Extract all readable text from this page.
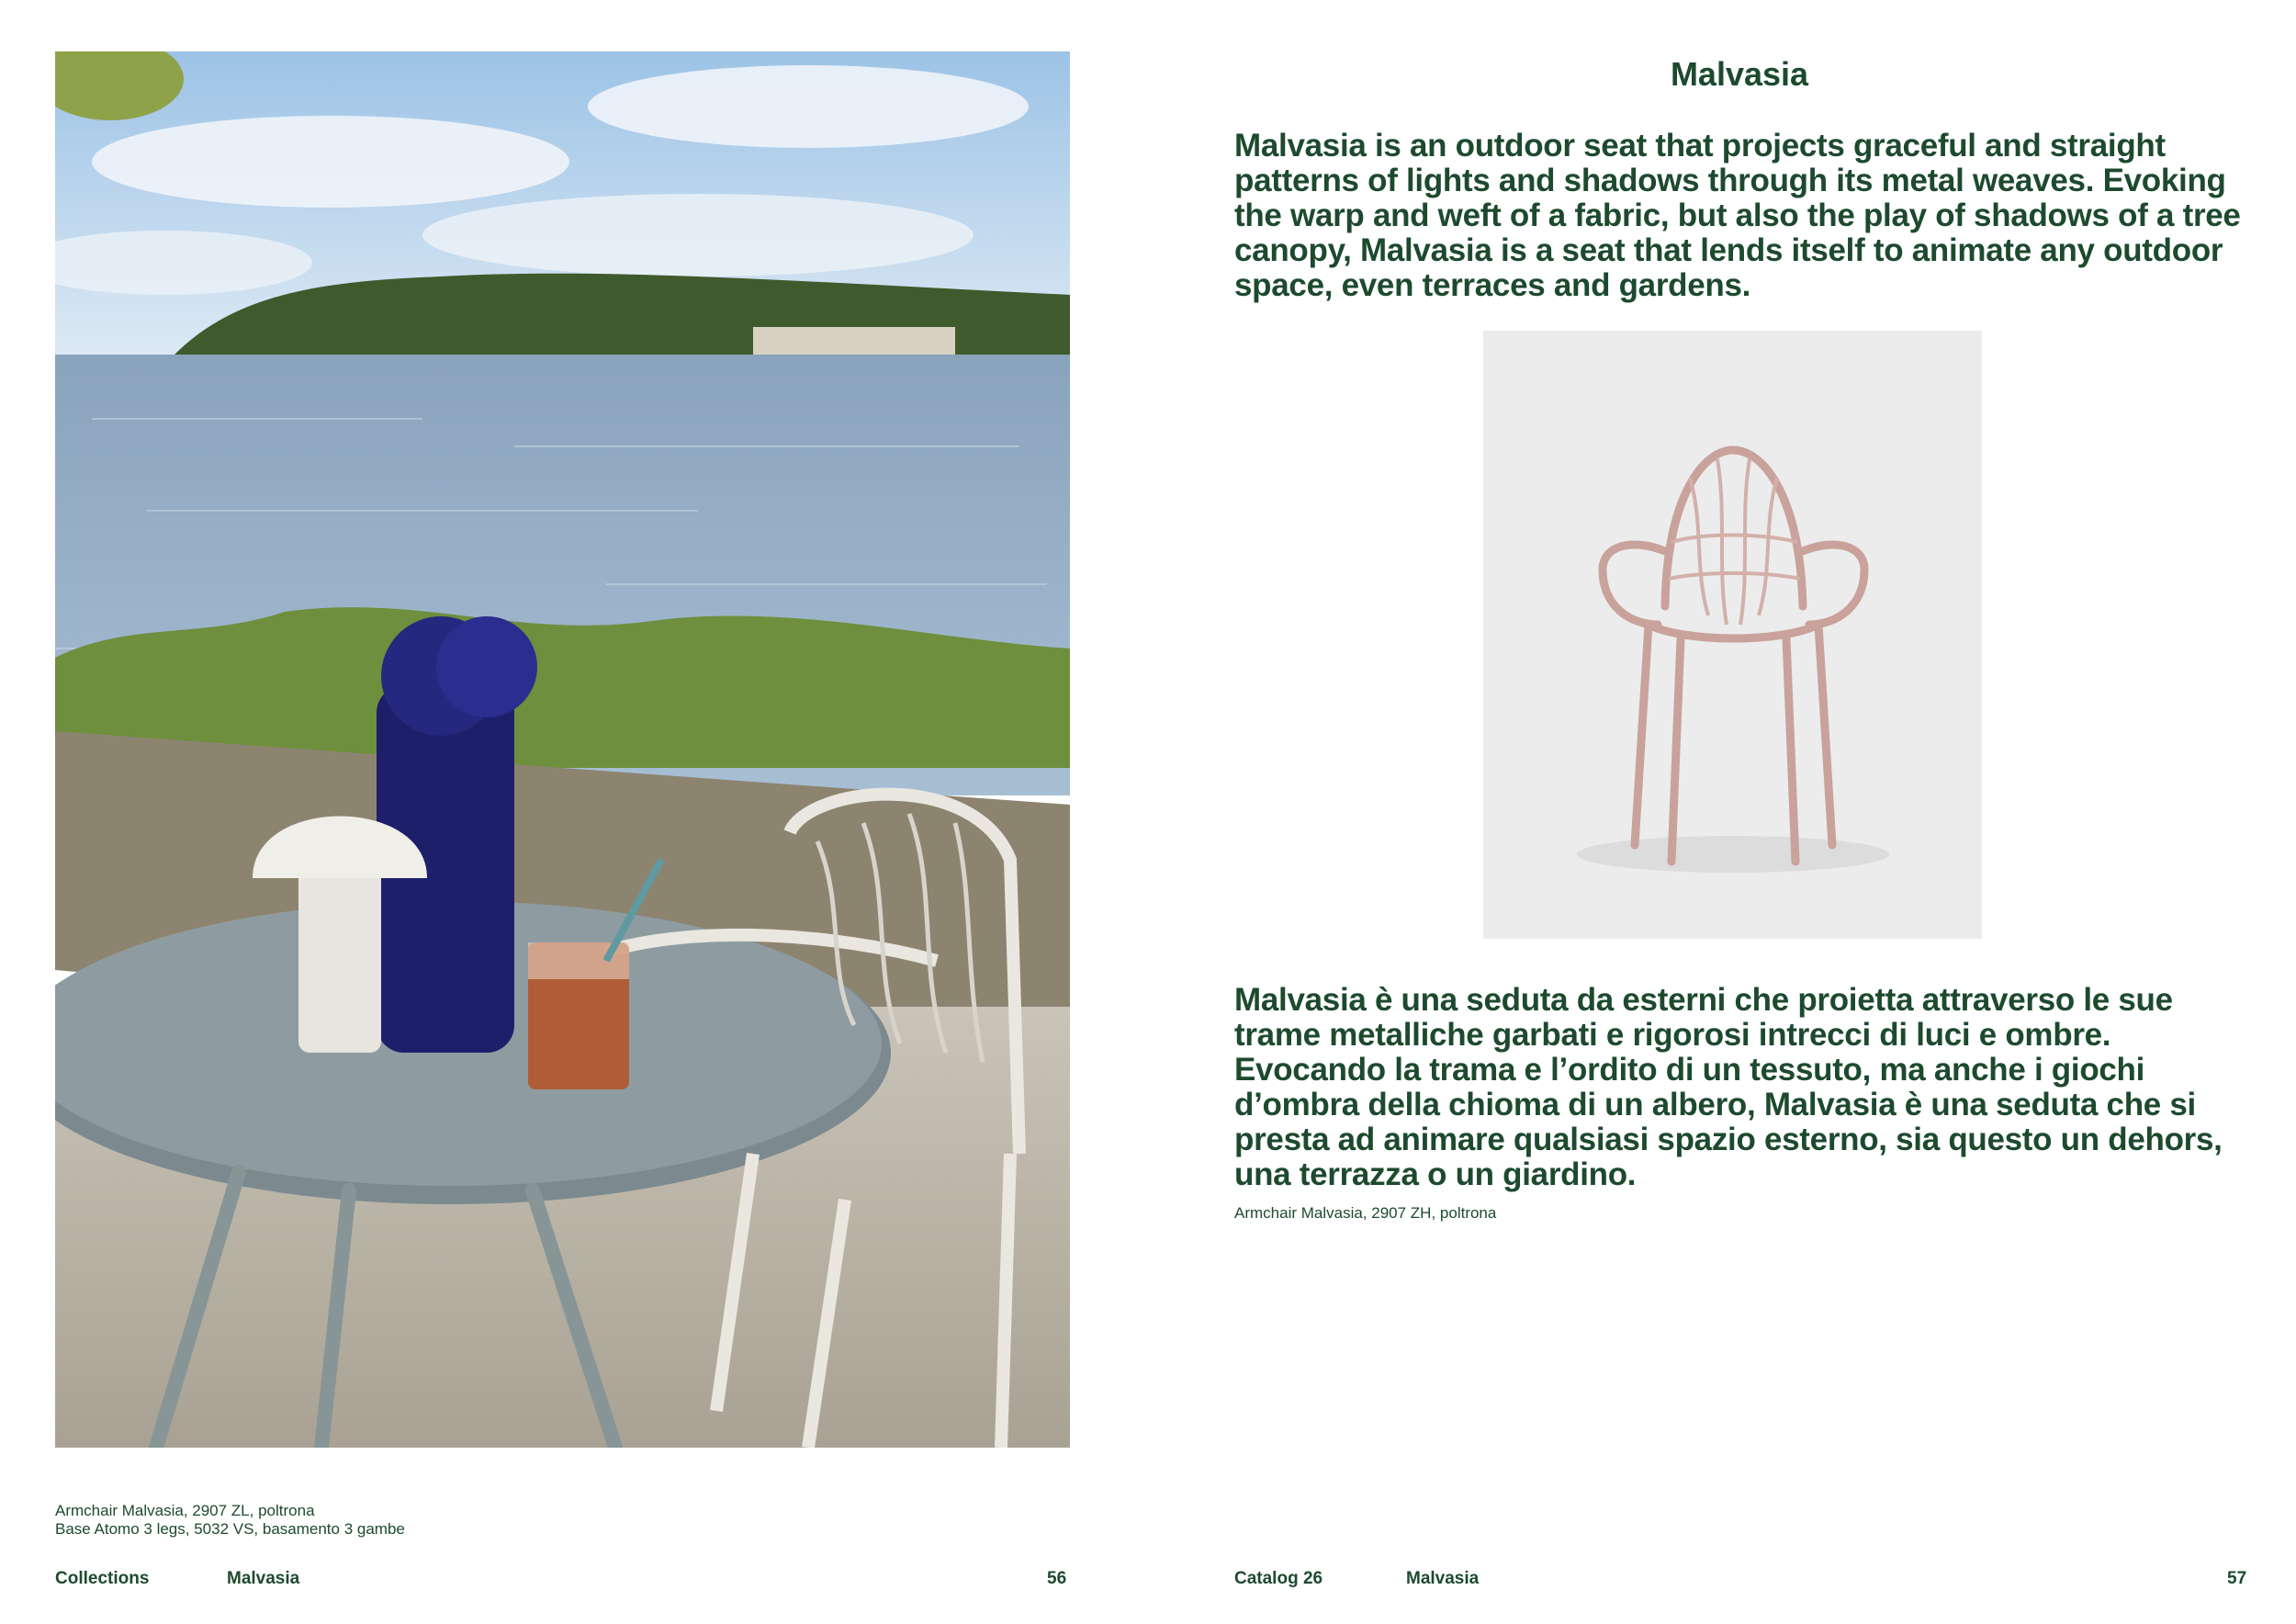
Armchair Malvasia, 2907 ZL, poltrona
Base Atomo 3 legs, 5032 VS, basamento 3 gambe
Collections	Malvasia	56
Malvasia
Malvasia is an outdoor seat that projects graceful and straight patterns of lights and shadows through its metal weaves. Evoking the warp and weft of a fabric, but also the play of shadows of a tree canopy, Malvasia is a seat that lends itself to animate any outdoor space, even terraces and gardens.
Malvasia è una seduta da esterni che proietta attraverso le sue trame metalliche garbati e rigorosi intrecci di luci e ombre. Evocando la trama e l’ordito di un tessuto, ma anche i giochi d’ombra della chioma di un albero, Malvasia è una seduta che si presta ad animare qualsiasi spazio esterno, sia questo un dehors, una terrazza o un giardino.
Armchair Malvasia, 2907 ZH, poltrona
Catalog 26	Malvasia	57
